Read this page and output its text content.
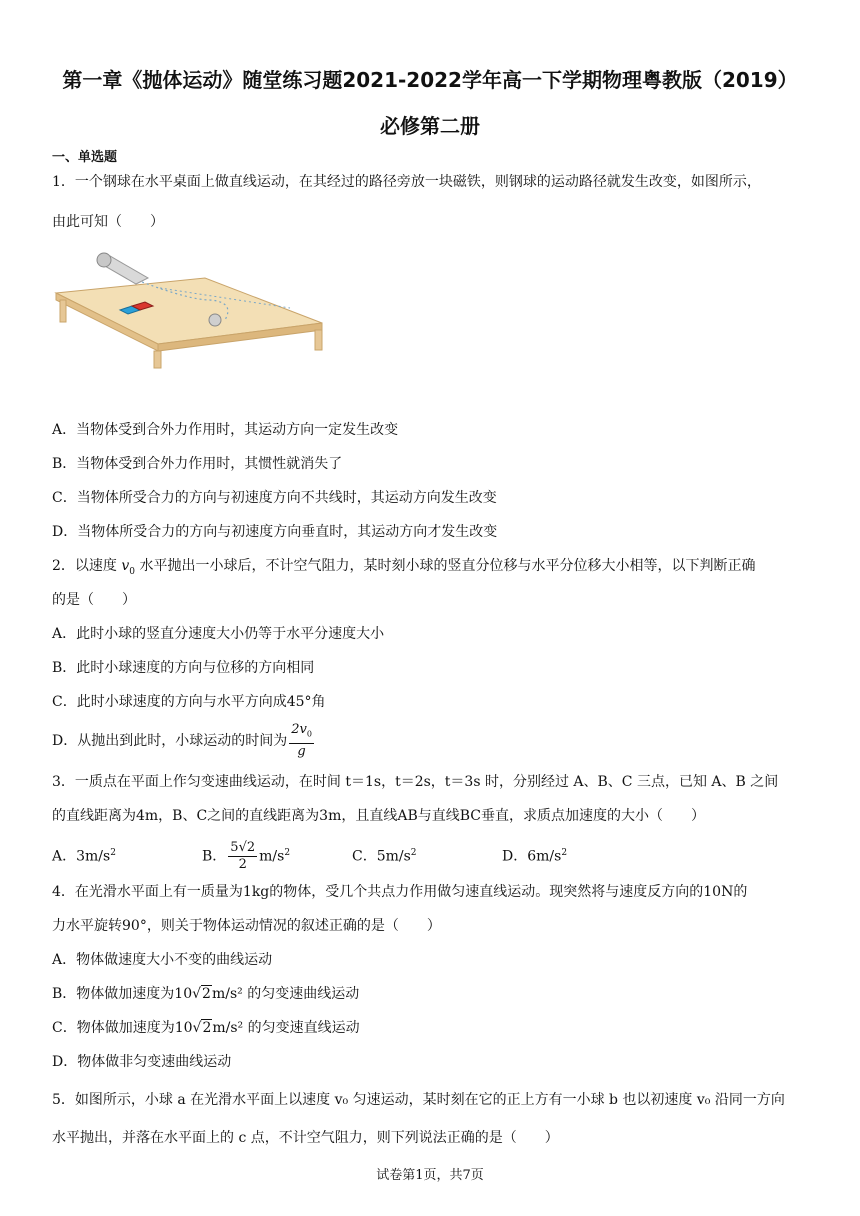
第一章《抛体运动》随堂练习题2021-2022学年高一下学期物理粤教版（2019）
必修第二册
一、单选题
1．一个钢球在水平桌面上做直线运动，在其经过的路径旁放一块磁铁，则钢球的运动路径就发生改变，如图所示，
由此可知（　　）
A．当物体受到合外力作用时，其运动方向一定发生改变
B．当物体受到合外力作用时，其惯性就消失了
C．当物体所受合力的方向与初速度方向不共线时，其运动方向发生改变
D．当物体所受合力的方向与初速度方向垂直时，其运动方向才发生改变
2．以速度 $v_0$ 水平抛出一小球后，不计空气阻力，某时刻小球的竖直分位移与水平分位移大小相等，以下判断正确
的是（　　）
A．此时小球的竖直分速度大小仍等于水平分速度大小
B．此时小球速度的方向与位移的方向相同
C．此时小球速度的方向与水平方向成45°角
D．从抛出到此时，小球运动的时间为 $\frac{2v_0}{g}$
3．一质点在平面上作匀变速曲线运动，在时间 t＝1s，t＝2s，t＝3s 时，分别经过 A、B、C 三点，已知 A、B 之间
的直线距离为4m，B、C之间的直线距离为3m，且直线AB与直线BC垂直，求质点加速度的大小（　　）
A．$3m/s^2$	B． $\frac{5√2}{2} m/s^2$	C．$5m/s^2$	D．$6m/s^2$
4．在光滑水平面上有一质量为1kg的物体，受几个共点力作用做匀速直线运动。现突然将与速度反方向的10N的
力水平旋转90°，则关于物体运动情况的叙述正确的是（　　）
A．物体做速度大小不变的曲线运动
B．物体做加速度为10√2m/s² 的匀变速曲线运动
C．物体做加速度为10√2m/s² 的匀变速直线运动
D．物体做非匀变速曲线运动
5．如图所示，小球 a 在光滑水平面上以速度 v₀ 匀速运动，某时刻在它的正上方有一小球 b 也以初速度 v₀ 沿同一方向
水平抛出，并落在水平面上的 c 点，不计空气阻力，则下列说法正确的是（　　）
试卷第1页，共7页
